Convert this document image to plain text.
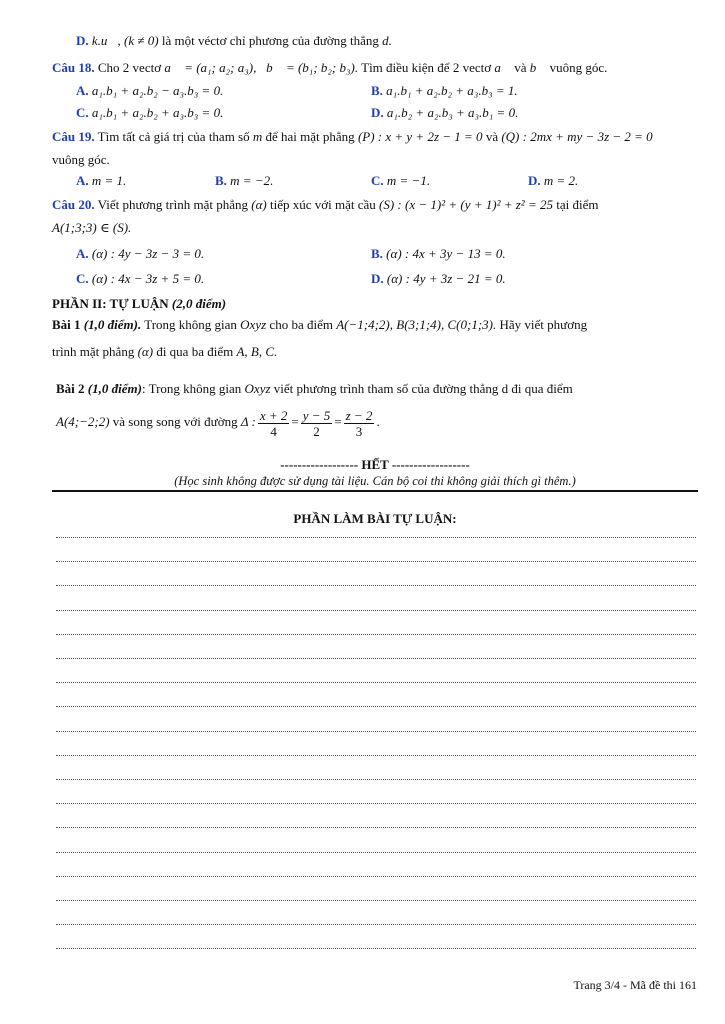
D. k.u⃗, (k ≠ 0) là một véctơ chỉ phương của đường thẳng d.
Câu 18. Cho 2 vectơ a⃗ = (a₁; a₂; a₃), b⃗ = (b₁; b₂; b₃). Tìm điều kiện để 2 vectơ a⃗ và b⃗ vuông góc.
A. a₁.b₁ + a₂.b₂ − a₃.b₃ = 0.	B. a₁.b₁ + a₂.b₂ + a₃.b₃ = 1.
C. a₁.b₁ + a₂.b₂ + a₃.b₃ = 0.	D. a₁.b₂ + a₂.b₃ + a₃.b₁ = 0.
Câu 19. Tìm tất cả giá trị của tham số m để hai mặt phẳng (P) : x + y + 2z − 1 = 0 và (Q) : 2mx + my − 3z − 2 = 0
vuông góc.
A. m = 1.	B. m = −2.	C. m = −1.	D. m = 2.
Câu 20. Viết phương trình mặt phẳng (α) tiếp xúc với mặt cầu (S) : (x − 1)² + (y + 1)² + z² = 25 tại điểm
A(1;3;3) ∈ (S).
A. (α) : 4y − 3z − 3 = 0.	B. (α) : 4x + 3y − 13 = 0.
C. (α) : 4x − 3z + 5 = 0.	D. (α) : 4y + 3z − 21 = 0.
PHẦN II: TỰ LUẬN (2,0 điểm)
Bài 1 (1,0 điểm). Trong không gian Oxyz cho ba điểm A(−1;4;2), B(3;1;4), C(0;1;3). Hãy viết phương
trình mặt phẳng (α) đi qua ba điểm A, B, C.
Bài 2 (1,0 điểm): Trong không gian Oxyz viết phương trình tham số của đường thẳng d đi qua điểm
A(4;−2;2) và song song với đường Δ : $\frac{x + 2}{4} = \frac{y - 5}{2} = \frac{z - 2}{3}$ .
------------------ HẾT ------------------
(Học sinh không được sử dụng tài liệu. Cán bộ coi thi không giải thích gì thêm.)
PHẦN LÀM BÀI TỰ LUẬN:
Trang 3/4 - Mã đề thi 161
